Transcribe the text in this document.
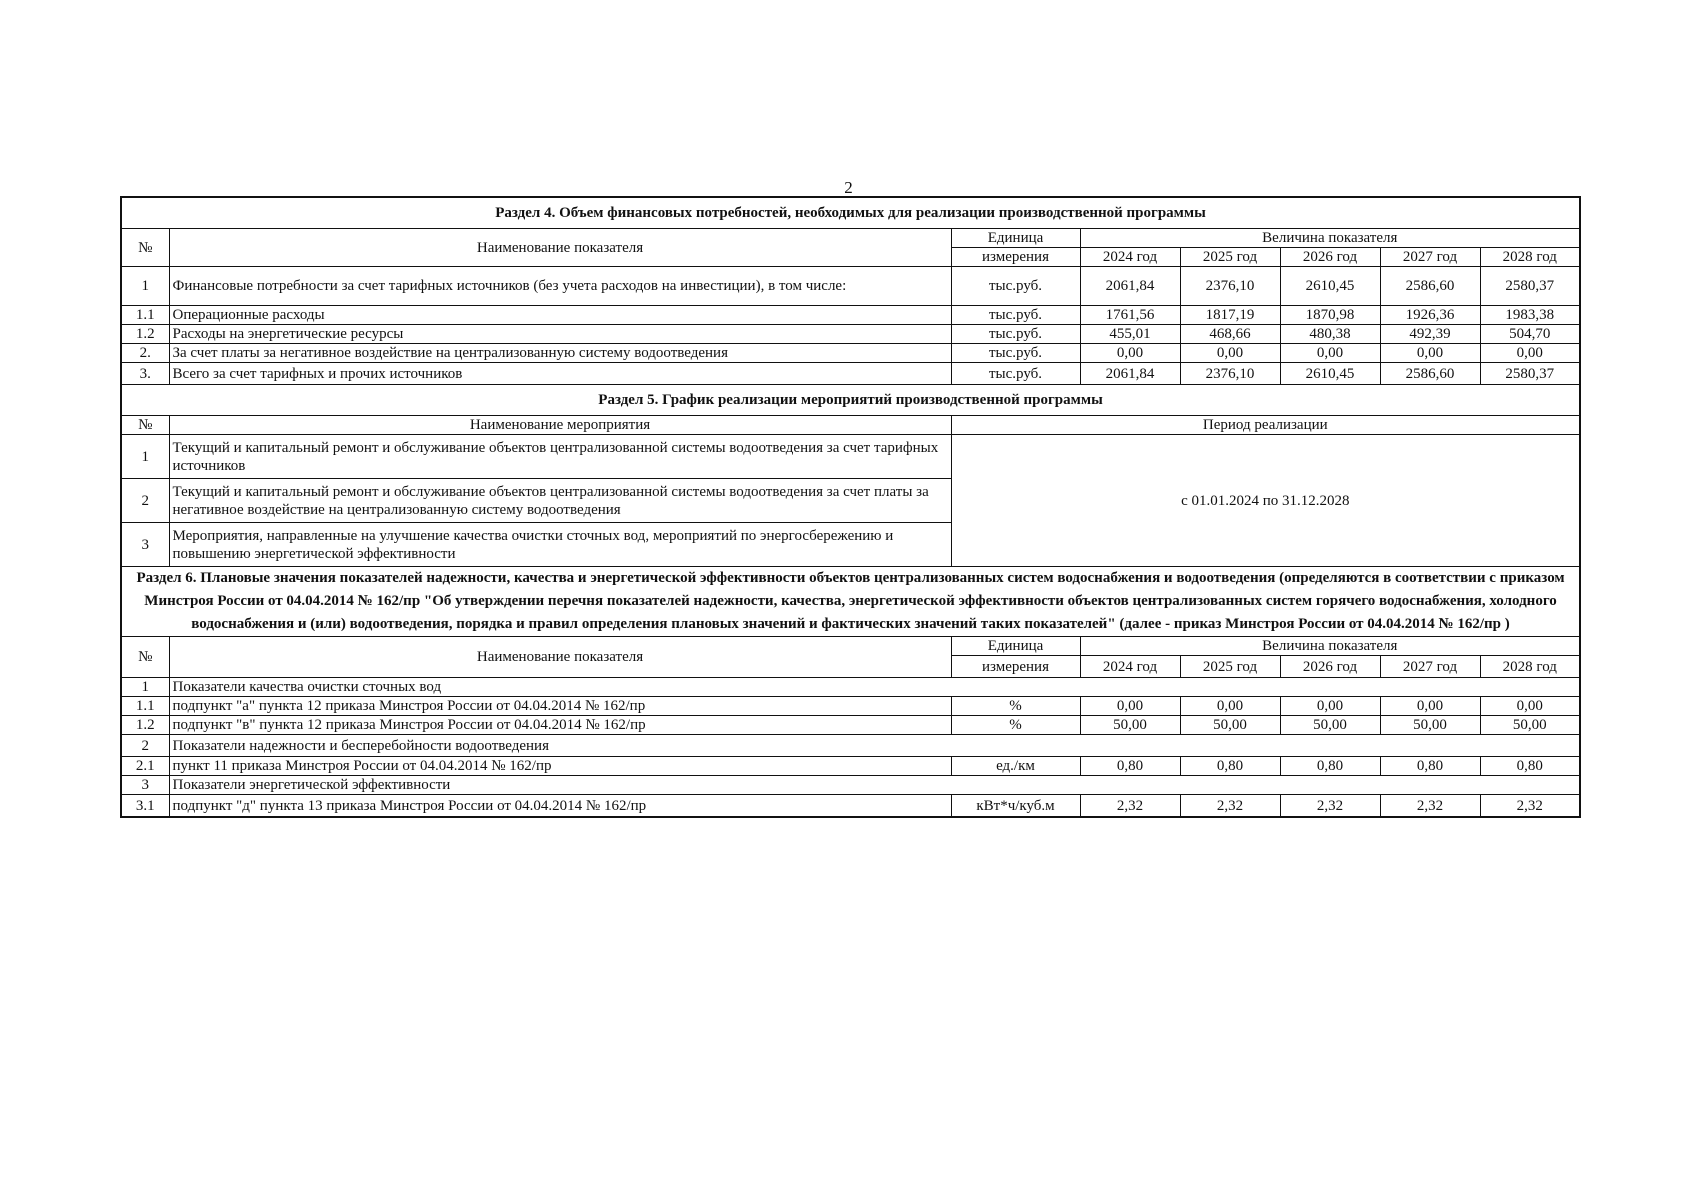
2
Раздел 4. Объем финансовых потребностей, необходимых для реализации производственной программы							
№	Наименование показателя	Единица	Величина показателя				
		измерения	2024 год	2025 год	2026 год	2027 год	2028 год
1	Финансовые потребности за счет тарифных источников (без учета расходов на инвестиции), в том числе:	тыс.руб.	2061,84	2376,10	2610,45	2586,60	2580,37
1.1	Операционные расходы	тыс.руб.	1761,56	1817,19	1870,98	1926,36	1983,38
1.2	Расходы на энергетические ресурсы	тыс.руб.	455,01	468,66	480,38	492,39	504,70
2.	За счет платы за негативное воздействие на централизованную систему водоотведения	тыс.руб.	0,00	0,00	0,00	0,00	0,00
3.	Всего за счет тарифных и прочих источников	тыс.руб.	2061,84	2376,10	2610,45	2586,60	2580,37
Раздел 5. График реализации мероприятий производственной программы							
№	Наименование мероприятия	Период реализации					
1	Текущий и капитальный ремонт и обслуживание объектов централизованной системы водоотведения за счет тарифных источников	с 01.01.2024 по 31.12.2028					
2	Текущий и капитальный ремонт и обслуживание объектов централизованной системы водоотведения за счет платы за негативное воздействие на централизованную систему водоотведения						
3	Мероприятия, направленные на улучшение качества очистки сточных вод, мероприятий по энергосбережению и повышению энергетической эффективности						
Раздел 6. Плановые значения показателей надежности, качества и энергетической эффективности объектов централизованных систем водоснабжения и водоотведения (определяются в соответствии с приказом Минстроя России от 04.04.2014 № 162/пр "Об утверждении перечня показателей надежности, качества, энергетической эффективности объектов централизованных систем горячего водоснабжения, холодного водоснабжения и (или) водоотведения, порядка и правил определения плановых значений и фактических значений таких показателей" (далее - приказ Минстроя России от 04.04.2014 № 162/пр )							
№	Наименование показателя	Единица	Величина показателя				
		измерения	2024 год	2025 год	2026 год	2027 год	2028 год
1	Показатели качества очистки сточных вод						
1.1	подпункт "а" пункта 12 приказа Минстроя России от 04.04.2014 № 162/пр	%	0,00	0,00	0,00	0,00	0,00
1.2	подпункт "в" пункта 12 приказа Минстроя России от 04.04.2014 № 162/пр	%	50,00	50,00	50,00	50,00	50,00
2	Показатели надежности и бесперебойности водоотведения						
2.1	пункт 11 приказа Минстроя России от 04.04.2014 № 162/пр	ед./км	0,80	0,80	0,80	0,80	0,80
3	Показатели энергетической эффективности						
3.1	подпункт "д" пункта 13 приказа Минстроя России от 04.04.2014 № 162/пр	кВт*ч/куб.м	2,32	2,32	2,32	2,32	2,32
